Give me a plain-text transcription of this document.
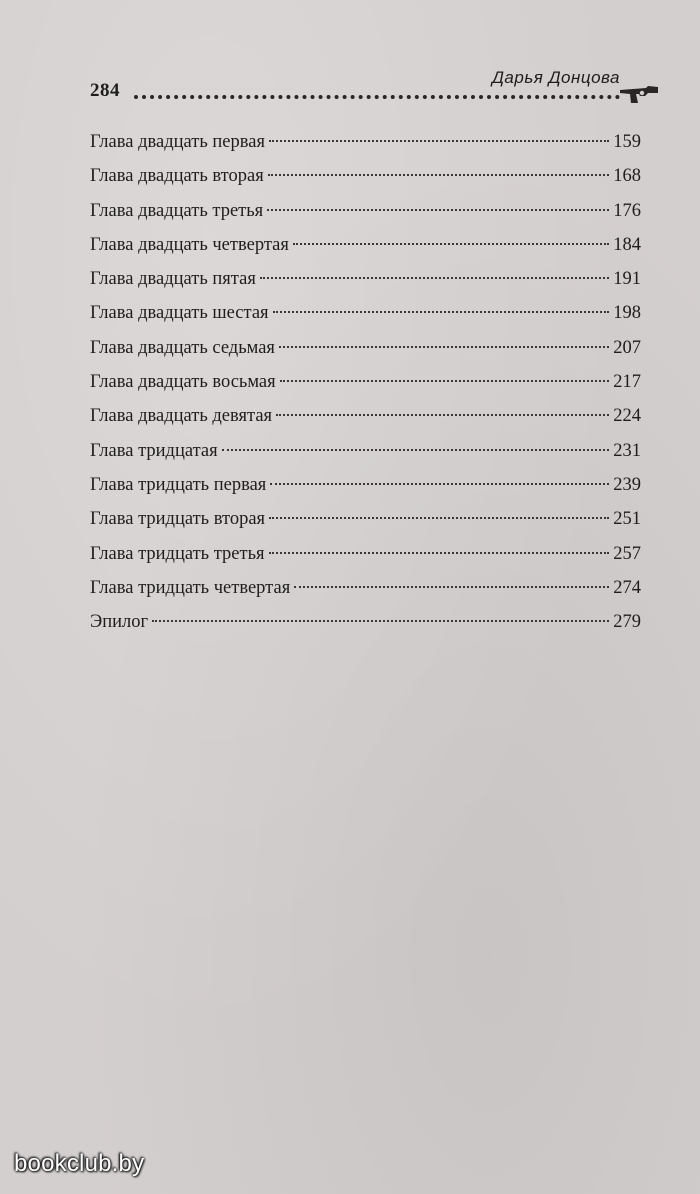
284
Дарья Донцова
Глава двадцать первая	159
Глава двадцать вторая	168
Глава двадцать третья	176
Глава двадцать четвертая	184
Глава двадцать пятая	191
Глава двадцать шестая	198
Глава двадцать седьмая	207
Глава двадцать восьмая	217
Глава двадцать девятая	224
Глава тридцатая	231
Глава тридцать первая	239
Глава тридцать вторая	251
Глава тридцать третья	257
Глава тридцать четвертая	274
Эпилог	279
bookclub.by
